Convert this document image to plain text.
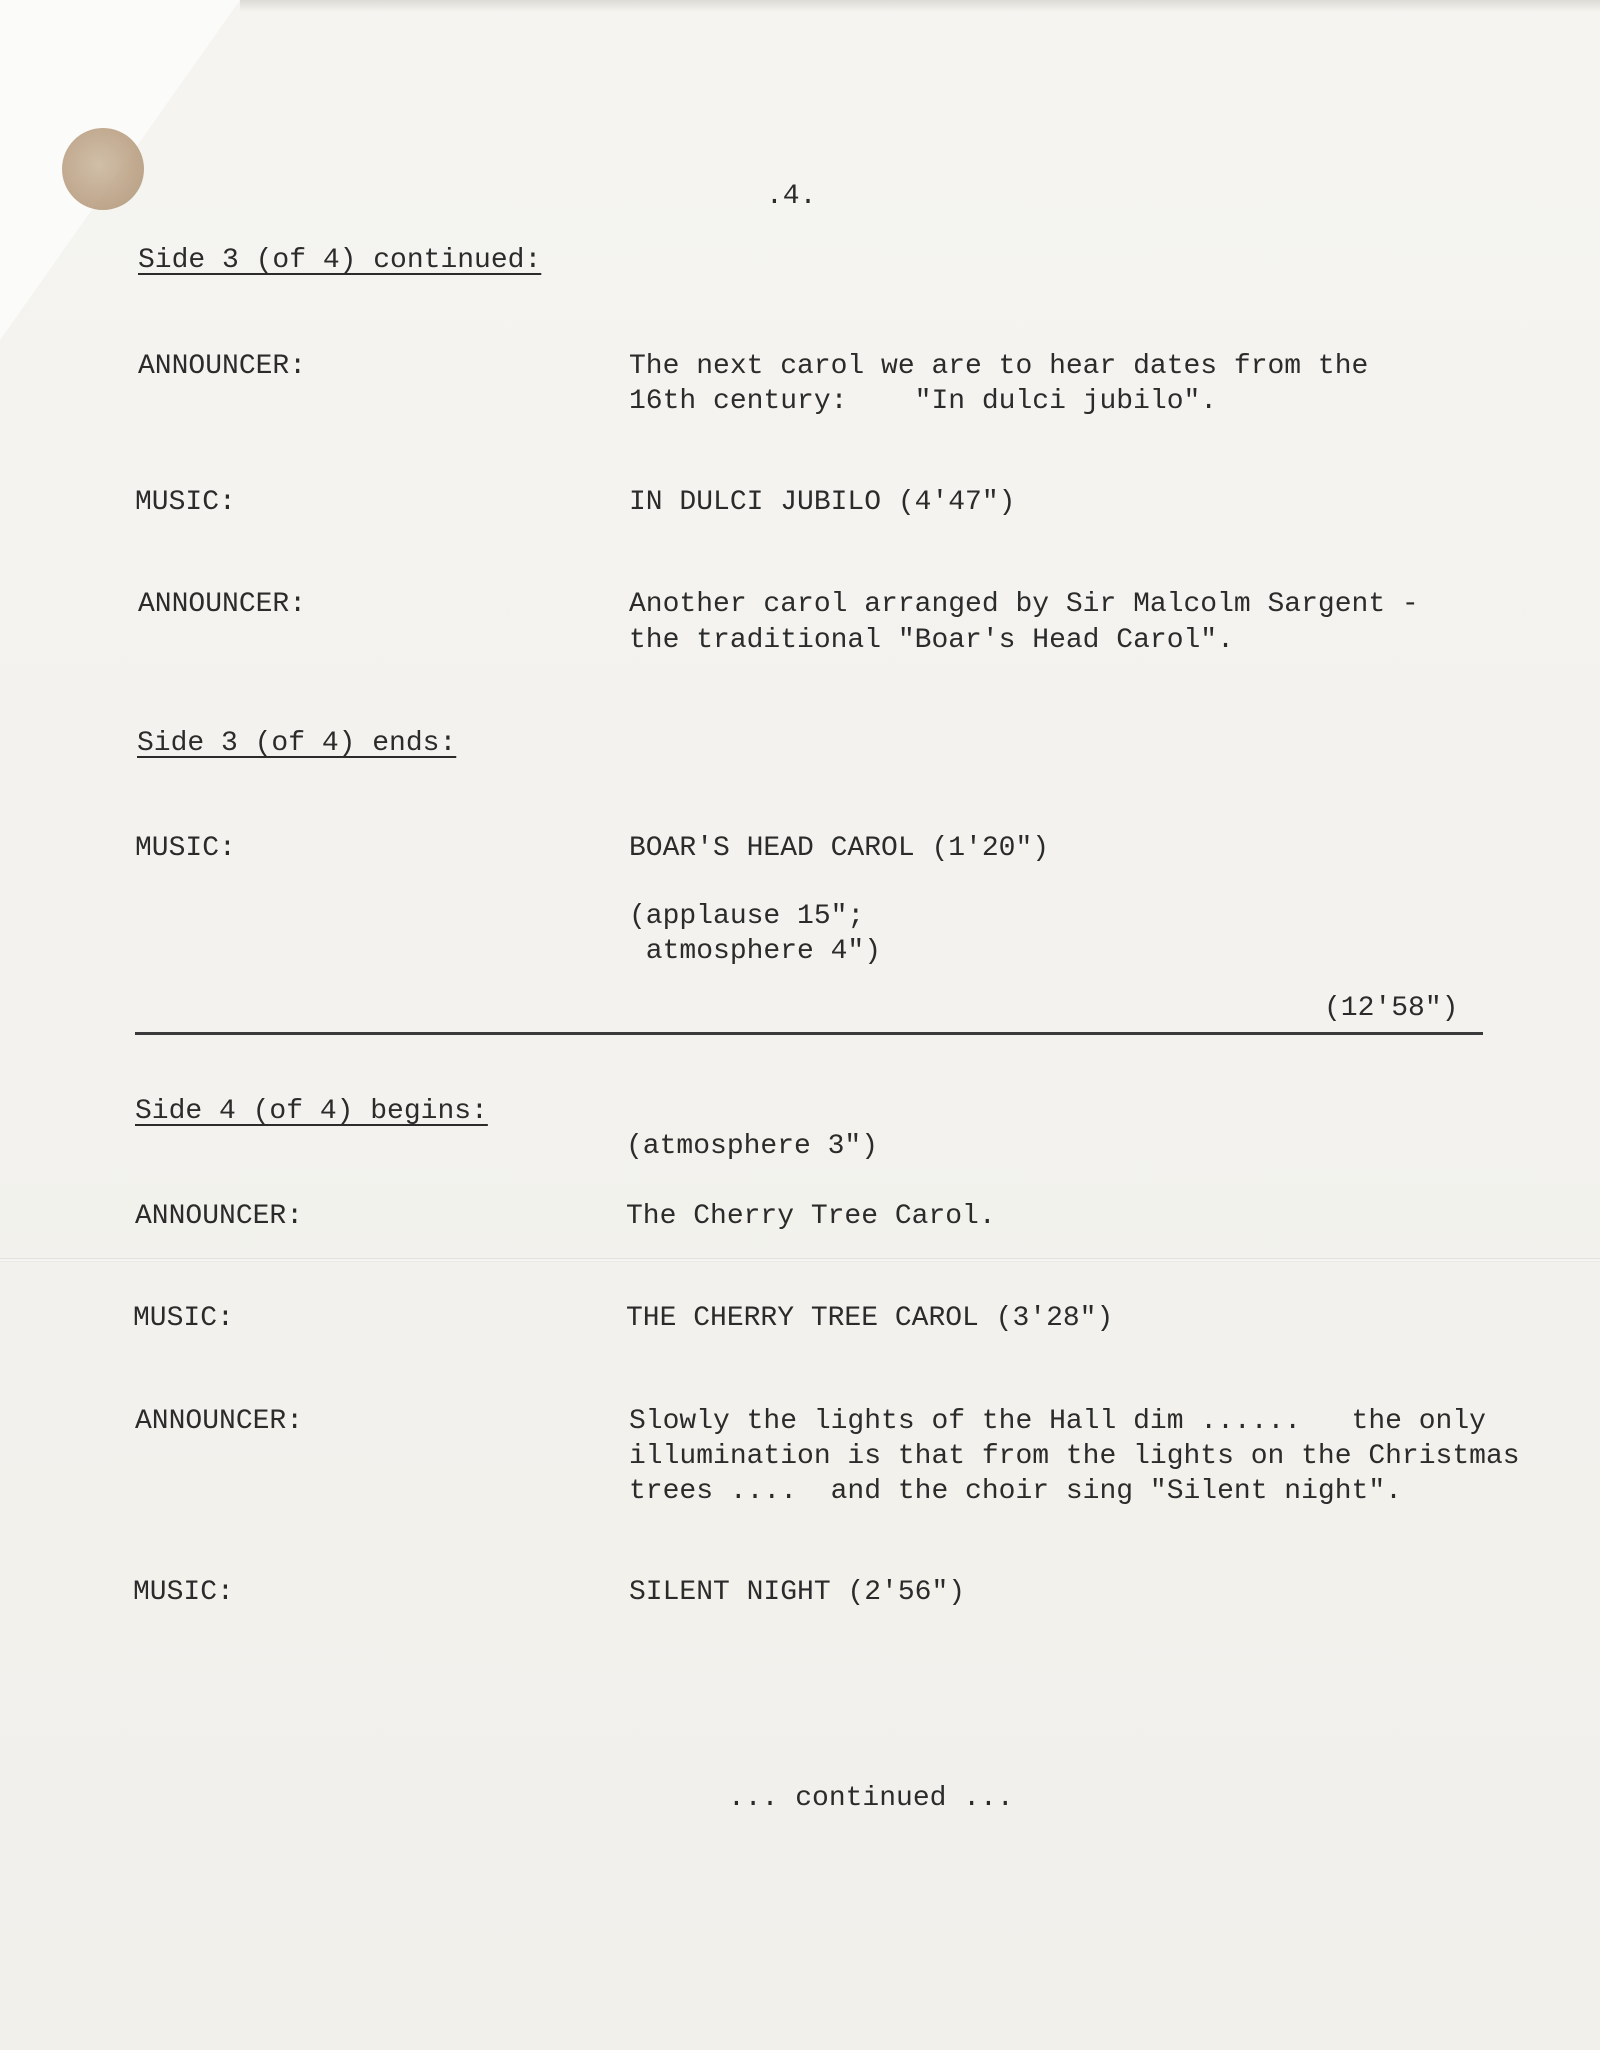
.4.
Side 3 (of 4) continued:
ANNOUNCER:	The next carol we are to hear dates from the
16th century:    "In dulci jubilo".
MUSIC:	IN DULCI JUBILO (4'47")
ANNOUNCER:	Another carol arranged by Sir Malcolm Sargent -
the traditional "Boar's Head Carol".
Side 3 (of 4) ends:
MUSIC:	BOAR'S HEAD CAROL (1'20")
(applause 15";
atmosphere 4")
(12'58")
Side 4 (of 4) begins:
(atmosphere 3")
ANNOUNCER:	The Cherry Tree Carol.
MUSIC:	THE CHERRY TREE CAROL (3'28")
ANNOUNCER:	Slowly the lights of the Hall dim ......   the only
illumination is that from the lights on the Christmas
trees ....  and the choir sing "Silent night".
MUSIC:	SILENT NIGHT (2'56")
... continued ...
